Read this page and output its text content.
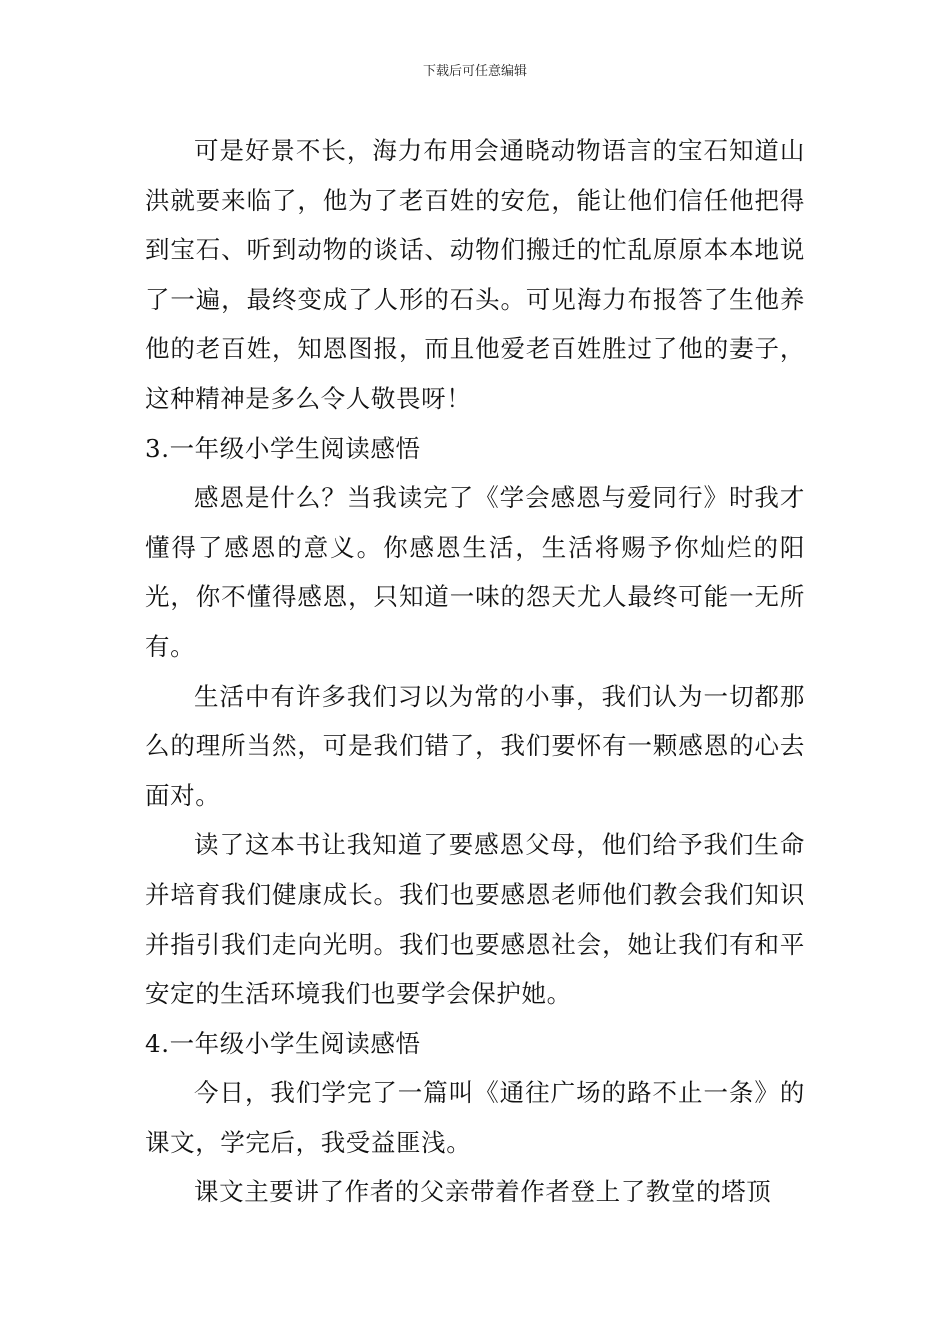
下载后可任意编辑

可是好景不长，海力布用会通晓动物语言的宝石知道山洪就要来临了，他为了老百姓的安危，能让他们信任他把得到宝石、听到动物的谈话、动物们搬迁的忙乱原原本本地说了一遍，最终变成了人形的石头。可见海力布报答了生他养他的老百姓，知恩图报，而且他爱老百姓胜过了他的妻子，这种精神是多么令人敬畏呀！

3.一年级小学生阅读感悟

感恩是什么？当我读完了《学会感恩与爱同行》时我才懂得了感恩的意义。你感恩生活，生活将赐予你灿烂的阳光，你不懂得感恩，只知道一味的怨天尤人最终可能一无所有。

生活中有许多我们习以为常的小事，我们认为一切都那么的理所当然，可是我们错了，我们要怀有一颗感恩的心去面对。

读了这本书让我知道了要感恩父母，他们给予我们生命并培育我们健康成长。我们也要感恩老师他们教会我们知识并指引我们走向光明。我们也要感恩社会，她让我们有和平安定的生活环境我们也要学会保护她。

4.一年级小学生阅读感悟

今日，我们学完了一篇叫《通往广场的路不止一条》的课文，学完后，我受益匪浅。

课文主要讲了作者的父亲带着作者登上了教堂的塔顶
